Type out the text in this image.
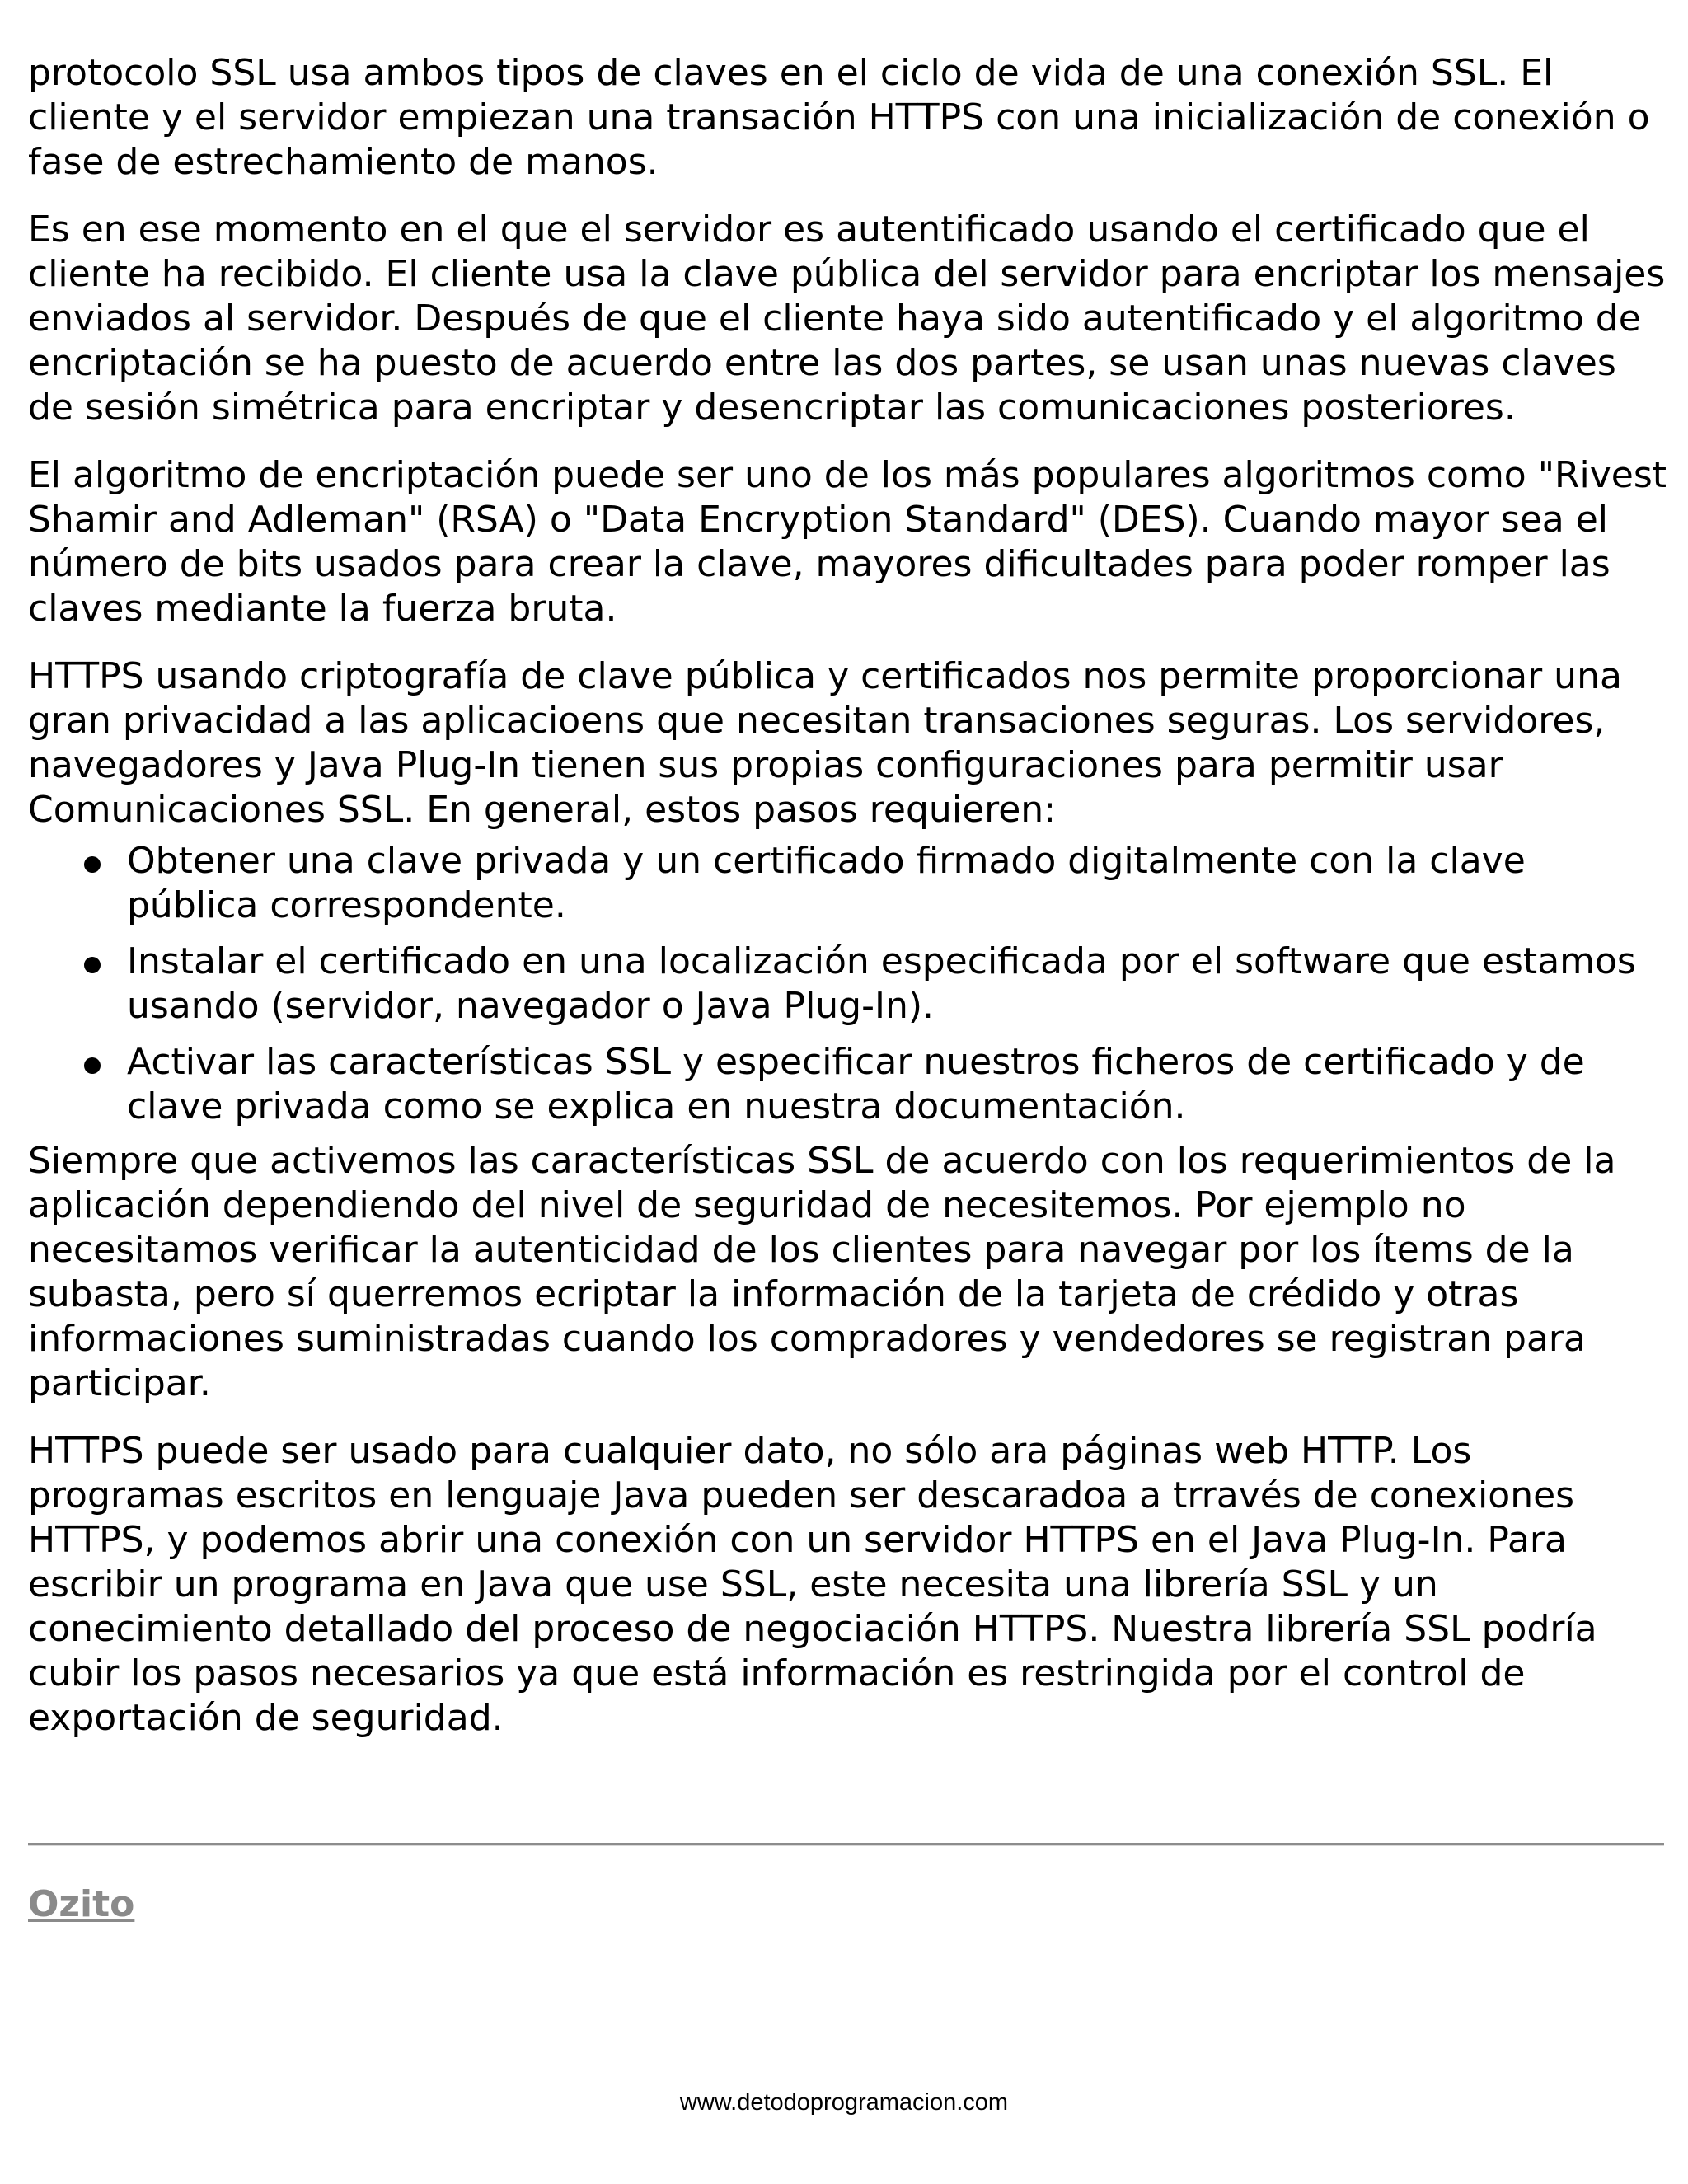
protocolo SSL usa ambos tipos de claves en el ciclo de vida de una conexión SSL. El cliente y el servidor empiezan una transación HTTPS con una inicialización de conexión o fase de estrechamiento de manos.

Es en ese momento en el que el servidor es autentificado usando el certificado que el cliente ha recibido. El cliente usa la clave pública del servidor para encriptar los mensajes enviados al servidor. Después de que el cliente haya sido autentificado y el algoritmo de encriptación se ha puesto de acuerdo entre las dos partes, se usan unas nuevas claves de sesión simétrica para encriptar y desencriptar las comunicaciones posteriores.

El algoritmo de encriptación puede ser uno de los más populares algoritmos como "Rivest Shamir and Adleman" (RSA) o "Data Encryption Standard" (DES). Cuando mayor sea el número de bits usados para crear la clave, mayores dificultades para poder romper las claves mediante la fuerza bruta.

HTTPS usando criptografía de clave pública y certificados nos permite proporcionar una gran privacidad a las aplicacioens que necesitan transaciones seguras. Los servidores, navegadores y Java Plug-In tienen sus propias configuraciones para permitir usar Comunicaciones SSL. En general, estos pasos requieren:

Obtener una clave privada y un certificado firmado digitalmente con la clave pública correspondente.
Instalar el certificado en una localización especificada por el software que estamos usando (servidor, navegador o Java Plug-In).
Activar las características SSL y especificar nuestros ficheros de certificado y de clave privada como se explica en nuestra documentación.

Siempre que activemos las características SSL de acuerdo con los requerimientos de la aplicación dependiendo del nivel de seguridad de necesitemos. Por ejemplo no necesitamos verificar la autenticidad de los clientes para navegar por los ítems de la subasta, pero sí querremos ecriptar la información de la tarjeta de crédido y otras informaciones suministradas cuando los compradores y vendedores se registran para participar.

HTTPS puede ser usado para cualquier dato, no sólo ara páginas web HTTP. Los programas escritos en lenguaje Java pueden ser descaradoa a trravés de conexiones HTTPS, y podemos abrir una conexión con un servidor HTTPS en el Java Plug-In. Para escribir un programa en Java que use SSL, este necesita una librería SSL y un conecimiento detallado del proceso de negociación HTTPS. Nuestra librería SSL podría cubir los pasos necesarios ya que está información es restringida por el control de exportación de seguridad.

Ozito
www.detodoprogramacion.com
